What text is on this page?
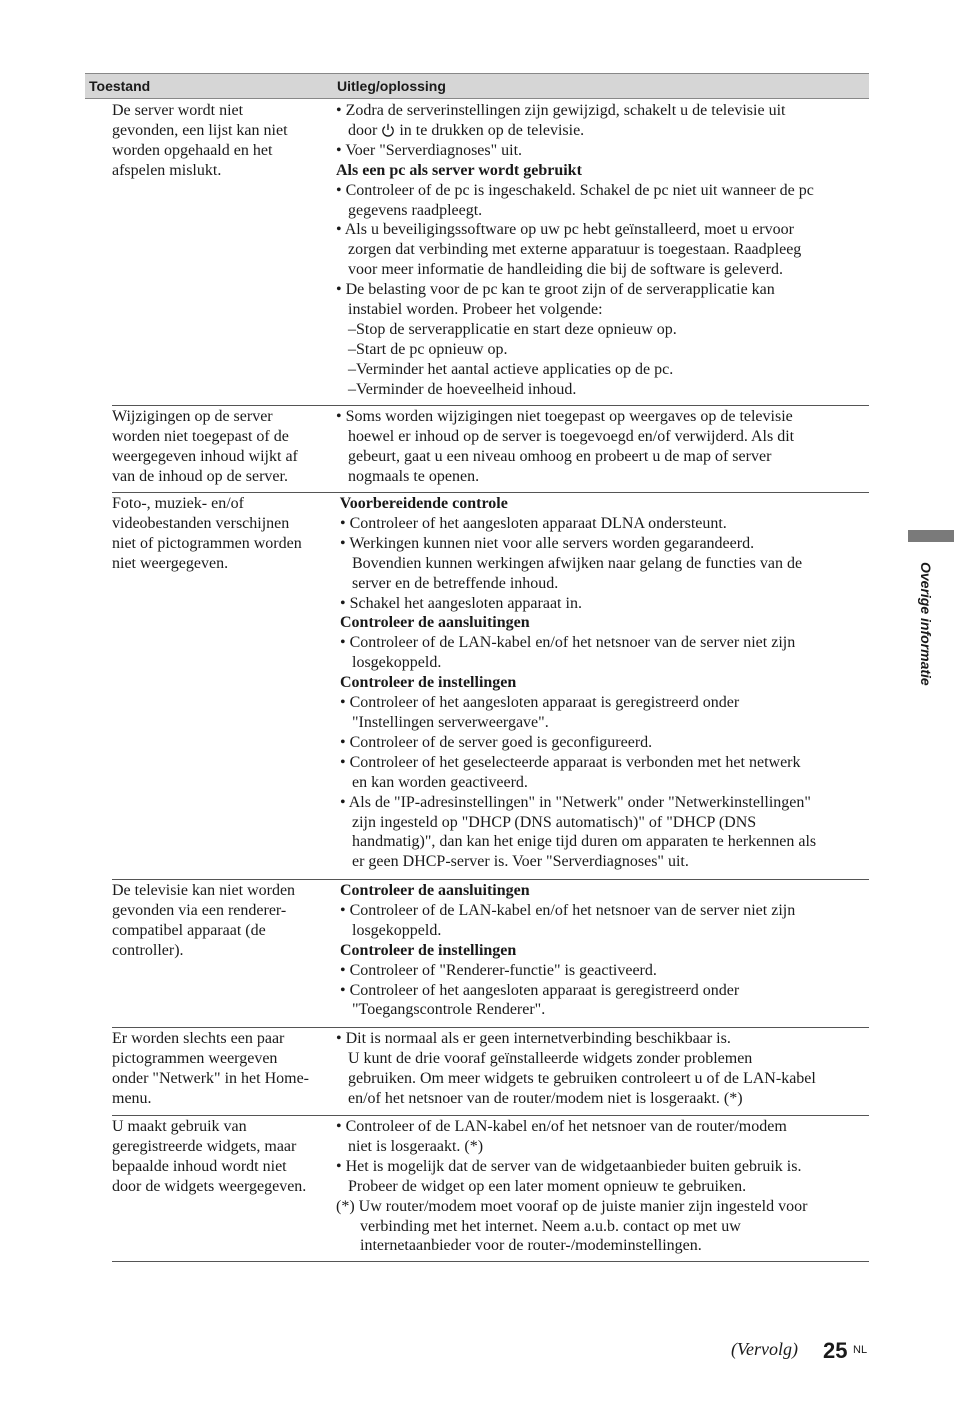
Toestand	Uitleg/oplossing
De server wordt niet
gevonden, een lijst kan niet
worden opgehaald en het
afspelen mislukt.
• Zodra de serverinstellingen zijn gewijzigd, schakelt u de televisie uit
door  in te drukken op de televisie.
• Voer "Serverdiagnoses" uit.
Als een pc als server wordt gebruikt
• Controleer of de pc is ingeschakeld. Schakel de pc niet uit wanneer de pc
gegevens raadpleegt.
• Als u beveiligingssoftware op uw pc hebt geïnstalleerd, moet u ervoor
zorgen dat verbinding met externe apparatuur is toegestaan. Raadpleeg
voor meer informatie de handleiding die bij de software is geleverd.
• De belasting voor de pc kan te groot zijn of de serverapplicatie kan
instabiel worden. Probeer het volgende:
–Stop de serverapplicatie en start deze opnieuw op.
–Start de pc opnieuw op.
–Verminder het aantal actieve applicaties op de pc.
–Verminder de hoeveelheid inhoud.
Wijzigingen op de server
worden niet toegepast of de
weergegeven inhoud wijkt af
van de inhoud op de server.
• Soms worden wijzigingen niet toegepast op weergaves op de televisie
hoewel er inhoud op de server is toegevoegd en/of verwijderd. Als dit
gebeurt, gaat u een niveau omhoog en probeert u de map of server
nogmaals te openen.
Foto-, muziek- en/of
videobestanden verschijnen
niet of pictogrammen worden
niet weergegeven.
Voorbereidende controle
• Controleer of het aangesloten apparaat DLNA ondersteunt.
• Werkingen kunnen niet voor alle servers worden gegarandeerd.
Bovendien kunnen werkingen afwijken naar gelang de functies van de
server en de betreffende inhoud.
• Schakel het aangesloten apparaat in.
Controleer de aansluitingen
• Controleer of de LAN-kabel en/of het netsnoer van de server niet zijn
losgekoppeld.
Controleer de instellingen
• Controleer of het aangesloten apparaat is geregistreerd onder
"Instellingen serverweergave".
• Controleer of de server goed is geconfigureerd.
• Controleer of het geselecteerde apparaat is verbonden met het netwerk
en kan worden geactiveerd.
• Als de "IP-adresinstellingen" in "Netwerk" onder "Netwerkinstellingen"
zijn ingesteld op "DHCP (DNS automatisch)" of "DHCP (DNS
handmatig)", dan kan het enige tijd duren om apparaten te herkennen als
er geen DHCP-server is. Voer "Serverdiagnoses" uit.
De televisie kan niet worden
gevonden via een renderer-
compatibel apparaat (de
controller).
Controleer de aansluitingen
• Controleer of de LAN-kabel en/of het netsnoer van de server niet zijn
losgekoppeld.
Controleer de instellingen
• Controleer of "Renderer-functie" is geactiveerd.
• Controleer of het aangesloten apparaat is geregistreerd onder
"Toegangscontrole Renderer".
Er worden slechts een paar
pictogrammen weergeven
onder "Netwerk" in het Home-
menu.
• Dit is normaal als er geen internetverbinding beschikbaar is.
U kunt de drie vooraf geïnstalleerde widgets zonder problemen
gebruiken. Om meer widgets te gebruiken controleert u of de LAN-kabel
en/of het netsnoer van de router/modem niet is losgeraakt. (*)
U maakt gebruik van
geregistreerde widgets, maar
bepaalde inhoud wordt niet
door de widgets weergegeven.
• Controleer of de LAN-kabel en/of het netsnoer van de router/modem
niet is losgeraakt. (*)
• Het is mogelijk dat de server van de widgetaanbieder buiten gebruik is.
Probeer de widget op een later moment opnieuw te gebruiken.
(*) Uw router/modem moet vooraf op de juiste manier zijn ingesteld voor
verbinding met het internet. Neem a.u.b. contact op met uw
internetaanbieder voor de router-/modeminstellingen.
Overige informatie
(Vervolg) 25 NL
